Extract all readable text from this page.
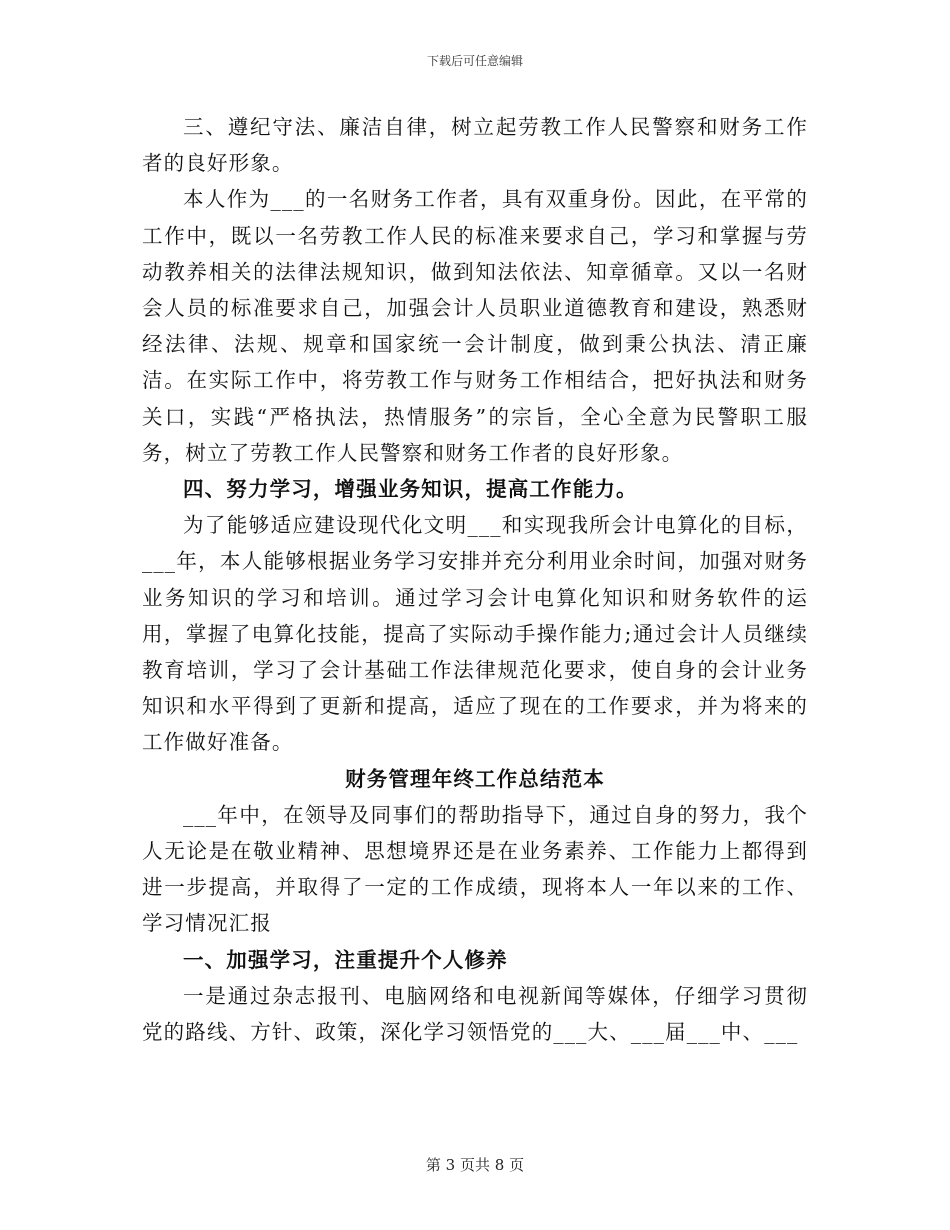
下载后可任意编辑

三、遵纪守法、廉洁自律，树立起劳教工作人民警察和财务工作者的良好形象。

本人作为___的一名财务工作者，具有双重身份。因此，在平常的工作中，既以一名劳教工作人民的标准来要求自己，学习和掌握与劳动教养相关的法律法规知识，做到知法依法、知章循章。又以一名财会人员的标准要求自己，加强会计人员职业道德教育和建设，熟悉财经法律、法规、规章和国家统一会计制度，做到秉公执法、清正廉洁。在实际工作中，将劳教工作与财务工作相结合，把好执法和财务关口，实践“严格执法，热情服务”的宗旨，全心全意为民警职工服务，树立了劳教工作人民警察和财务工作者的良好形象。

四、努力学习，增强业务知识，提高工作能力。

为了能够适应建设现代化文明___和实现我所会计电算化的目标，___年，本人能够根据业务学习安排并充分利用业余时间，加强对财务业务知识的学习和培训。通过学习会计电算化知识和财务软件的运用，掌握了电算化技能，提高了实际动手操作能力;通过会计人员继续教育培训，学习了会计基础工作法律规范化要求，使自身的会计业务知识和水平得到了更新和提高，适应了现在的工作要求，并为将来的工作做好准备。

财务管理年终工作总结范本

___年中，在领导及同事们的帮助指导下，通过自身的努力，我个人无论是在敬业精神、思想境界还是在业务素养、工作能力上都得到进一步提高，并取得了一定的工作成绩，现将本人一年以来的工作、学习情况汇报

一、加强学习，注重提升个人修养

一是通过杂志报刊、电脑网络和电视新闻等媒体，仔细学习贯彻党的路线、方针、政策，深化学习领悟党的___大、___届___中、___

第 3 页共 8 页
